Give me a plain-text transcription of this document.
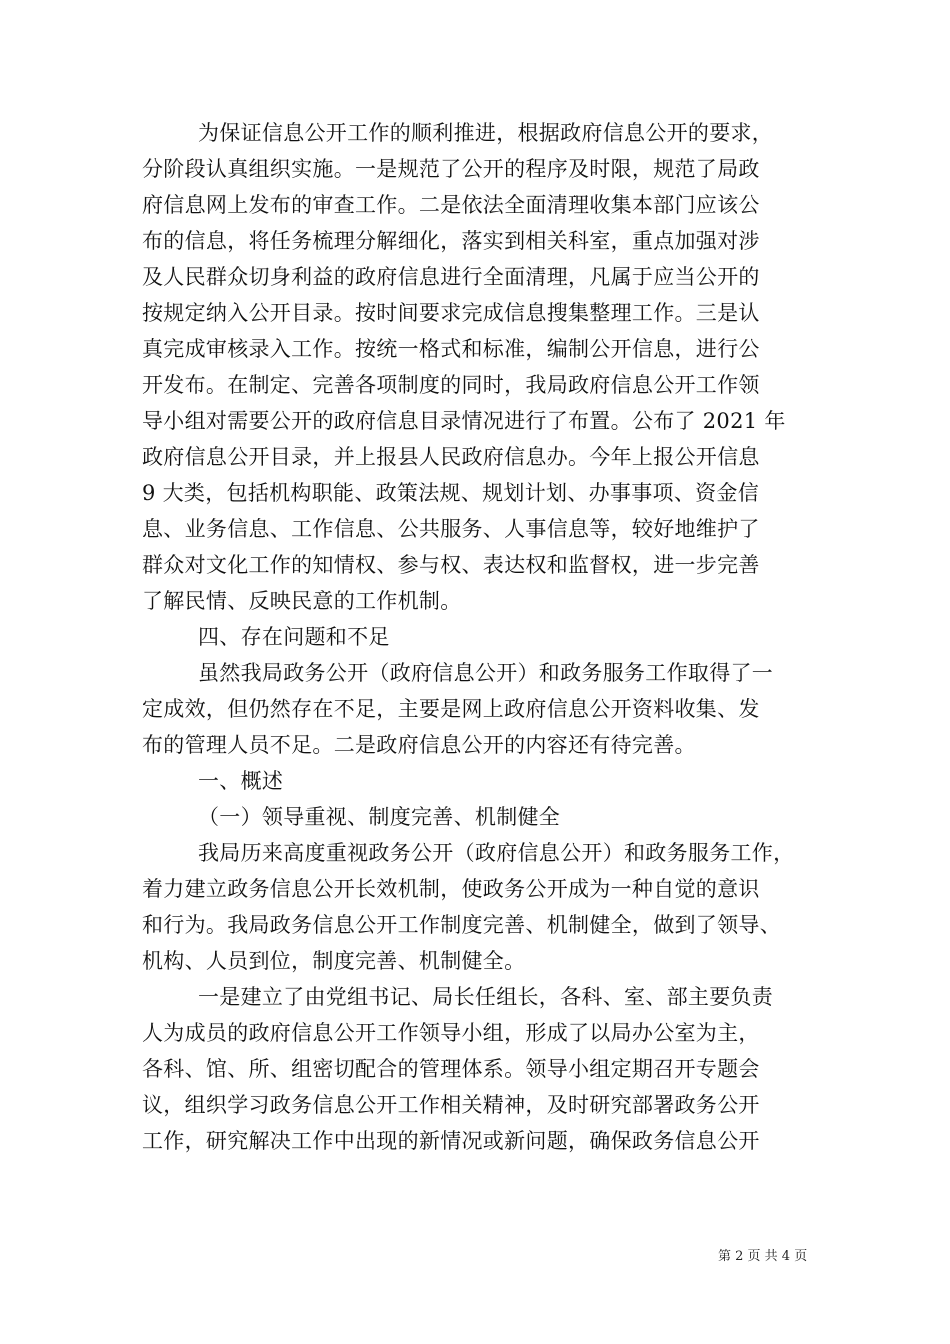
为保证信息公开工作的顺利推进，根据政府信息公开的要求，
分阶段认真组织实施。一是规范了公开的程序及时限，规范了局政
府信息网上发布的审查工作。二是依法全面清理收集本部门应该公
布的信息，将任务梳理分解细化，落实到相关科室，重点加强对涉
及人民群众切身利益的政府信息进行全面清理，凡属于应当公开的
按规定纳入公开目录。按时间要求完成信息搜集整理工作。三是认
真完成审核录入工作。按统一格式和标准，编制公开信息，进行公
开发布。在制定、完善各项制度的同时，我局政府信息公开工作领
导小组对需要公开的政府信息目录情况进行了布置。公布了 2021 年
政府信息公开目录，并上报县人民政府信息办。今年上报公开信息
9 大类，包括机构职能、政策法规、规划计划、办事事项、资金信
息、业务信息、工作信息、公共服务、人事信息等，较好地维护了
群众对文化工作的知情权、参与权、表达权和监督权，进一步完善
了解民情、反映民意的工作机制。
四、存在问题和不足
虽然我局政务公开（政府信息公开）和政务服务工作取得了一
定成效，但仍然存在不足，主要是网上政府信息公开资料收集、发
布的管理人员不足。二是政府信息公开的内容还有待完善。
一、概述
（一）领导重视、制度完善、机制健全
我局历来高度重视政务公开（政府信息公开）和政务服务工作，
着力建立政务信息公开长效机制，使政务公开成为一种自觉的意识
和行为。我局政务信息公开工作制度完善、机制健全，做到了领导、
机构、人员到位，制度完善、机制健全。
一是建立了由党组书记、局长任组长，各科、室、部主要负责
人为成员的政府信息公开工作领导小组，形成了以局办公室为主，
各科、馆、所、组密切配合的管理体系。领导小组定期召开专题会
议，组织学习政务信息公开工作相关精神，及时研究部署政务公开
工作，研究解决工作中出现的新情况或新问题，确保政务信息公开
第 2 页 共 4 页
